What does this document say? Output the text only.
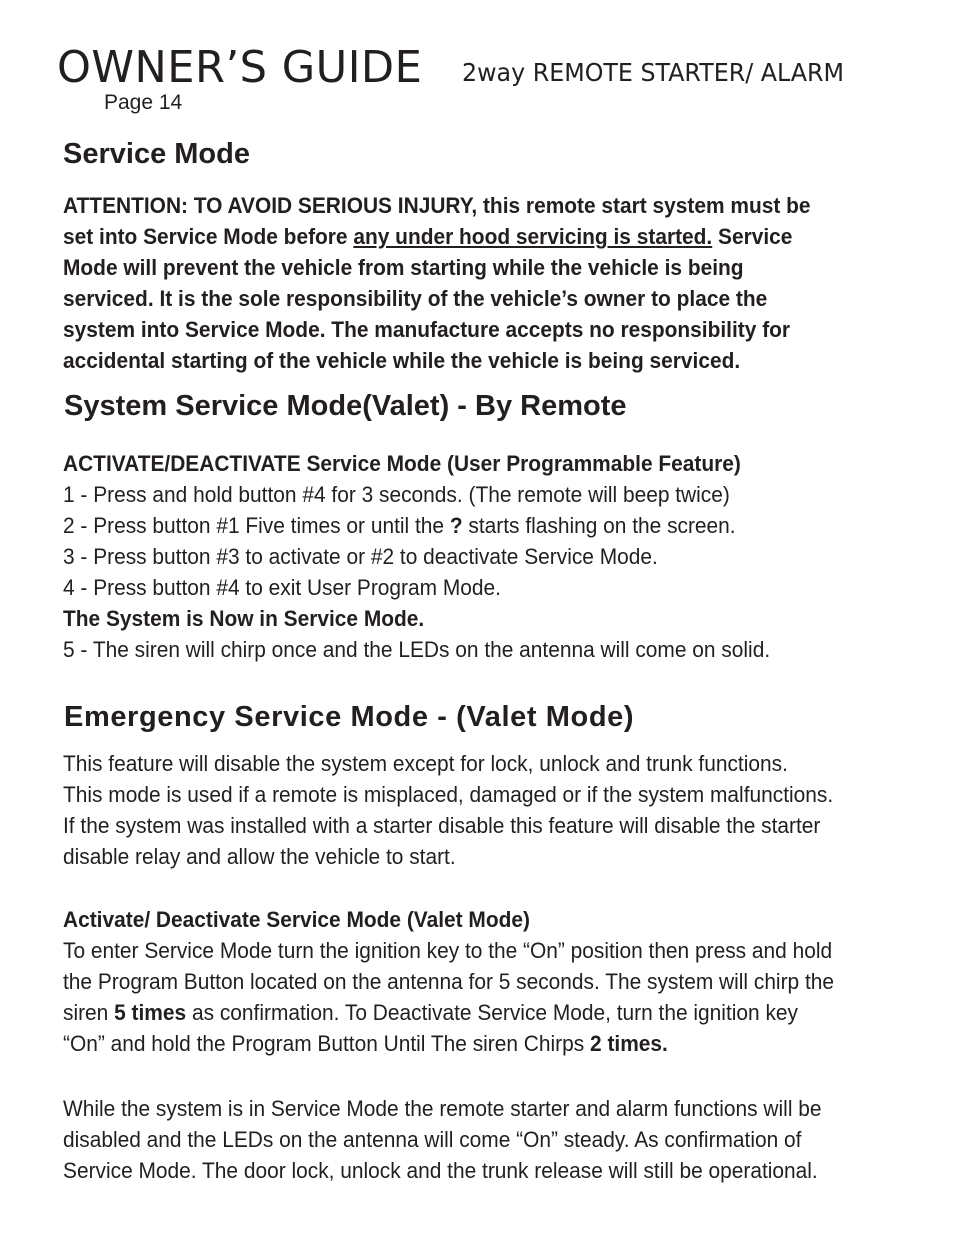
OWNER’S GUIDE 2way REMOTE STARTER/ ALARM
Page 14
Service Mode
ATTENTION: TO AVOID SERIOUS INJURY, this remote start system must be
set into Service Mode before any under hood servicing is started. Service
Mode will prevent the vehicle from starting while the vehicle is being
serviced. It is the sole responsibility of the vehicle’s owner to place the
system into Service Mode. The manufacture accepts no responsibility for
accidental starting of the vehicle while the vehicle is being serviced.
System Service Mode(Valet) - By Remote
ACTIVATE/DEACTIVATE Service Mode (User Programmable Feature)
1 - Press and hold button #4 for 3 seconds. (The remote will beep twice)
2 - Press button #1 Five times or until the ? starts flashing on the screen.
3 - Press button #3 to activate or #2 to deactivate Service Mode.
4 - Press button #4 to exit User Program Mode.
The System is Now in Service Mode.
5 - The siren will chirp once and the LEDs on the antenna will come on solid.
Emergency Service Mode - (Valet Mode)
This feature will disable the system except for lock, unlock and trunk functions.
This mode is used if a remote is misplaced, damaged or if the system malfunctions.
If the system was installed with a starter disable this feature will disable the starter
disable relay and allow the vehicle to start.
Activate/ Deactivate Service Mode (Valet Mode)
To enter Service Mode turn the ignition key to the “On” position then press and hold
the Program Button located on the antenna for 5 seconds. The system will chirp the
siren 5 times as confirmation. To Deactivate Service Mode, turn the ignition key
“On” and hold the Program Button Until The siren Chirps 2 times.
While the system is in Service Mode the remote starter and alarm functions will be
disabled and the LEDs on the antenna will come “On” steady. As confirmation of
Service Mode. The door lock, unlock and the trunk release will still be operational.
